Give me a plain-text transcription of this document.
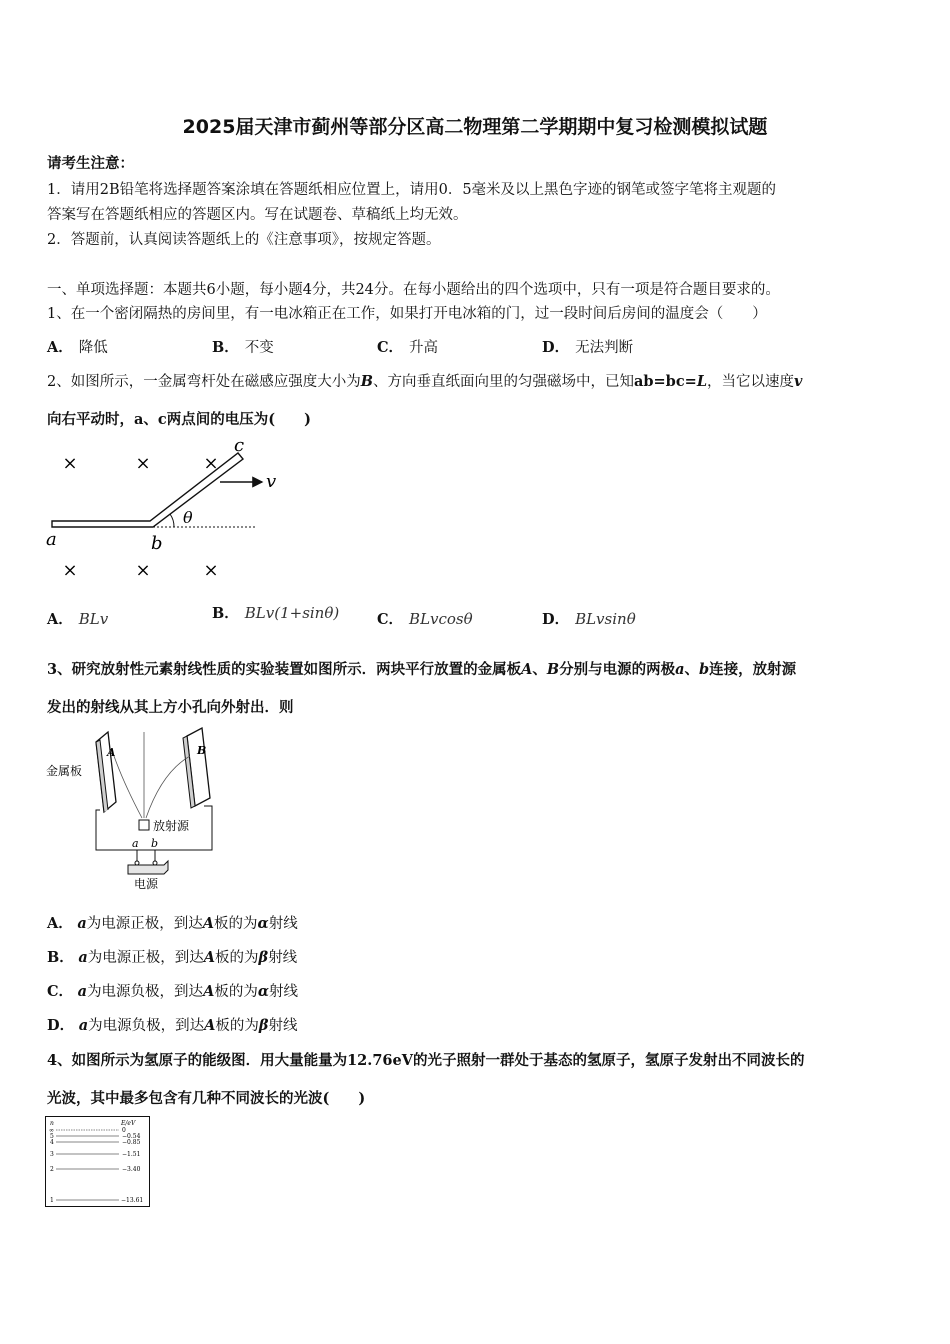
2025届天津市蓟州等部分区高二物理第二学期期中复习检测模拟试题
请考生注意：
1．请用2B铅笔将选择题答案涂填在答题纸相应位置上，请用0．5毫米及以上黑色字迹的钢笔或签字笔将主观题的
答案写在答题纸相应的答题区内。写在试题卷、草稿纸上均无效。
2．答题前，认真阅读答题纸上的《注意事项》，按规定答题。
一、单项选择题：本题共6小题，每小题4分，共24分。在每小题给出的四个选项中，只有一项是符合题目要求的。
1、在一个密闭隔热的房间里，有一电冰箱正在工作，如果打开电冰箱的门，过一段时间后房间的温度会（　　）
A． 降低	B． 不变	C． 升高	D． 无法判断
2、如图所示，一金属弯杆处在磁感应强度大小为B、方向垂直纸面向里的匀强磁场中，已知ab=bc=L，当它以速度v
向右平动时，a、c两点间的电压为(　　)
×	×	×
×	×	×
θ
v
c
a	b
A． BLv	B． BLv(1+sinθ)	C． BLvcosθ	D． BLvsinθ
3、研究放射性元素射线性质的实验装置如图所示．两块平行放置的金属板A、B分别与电源的两极a、b连接，放射源
发出的射线从其上方小孔向外射出．则
A	B
金属板
放射源
a b
电源
A． a为电源正极，到达A板的为α射线
B． a为电源正极，到达A板的为β射线
C． a为电源负极，到达A板的为α射线
D． a为电源负极，到达A板的为β射线
4、如图所示为氢原子的能级图．用大量能量为12.76eV的光子照射一群处于基态的氢原子，氢原子发射出不同波长的
光波，其中最多包含有几种不同波长的光波(　　)
n	E/eV
∞	0
5	−0.54
4	−0.85
3	−1.51
2	−3.40
1	−13.61
